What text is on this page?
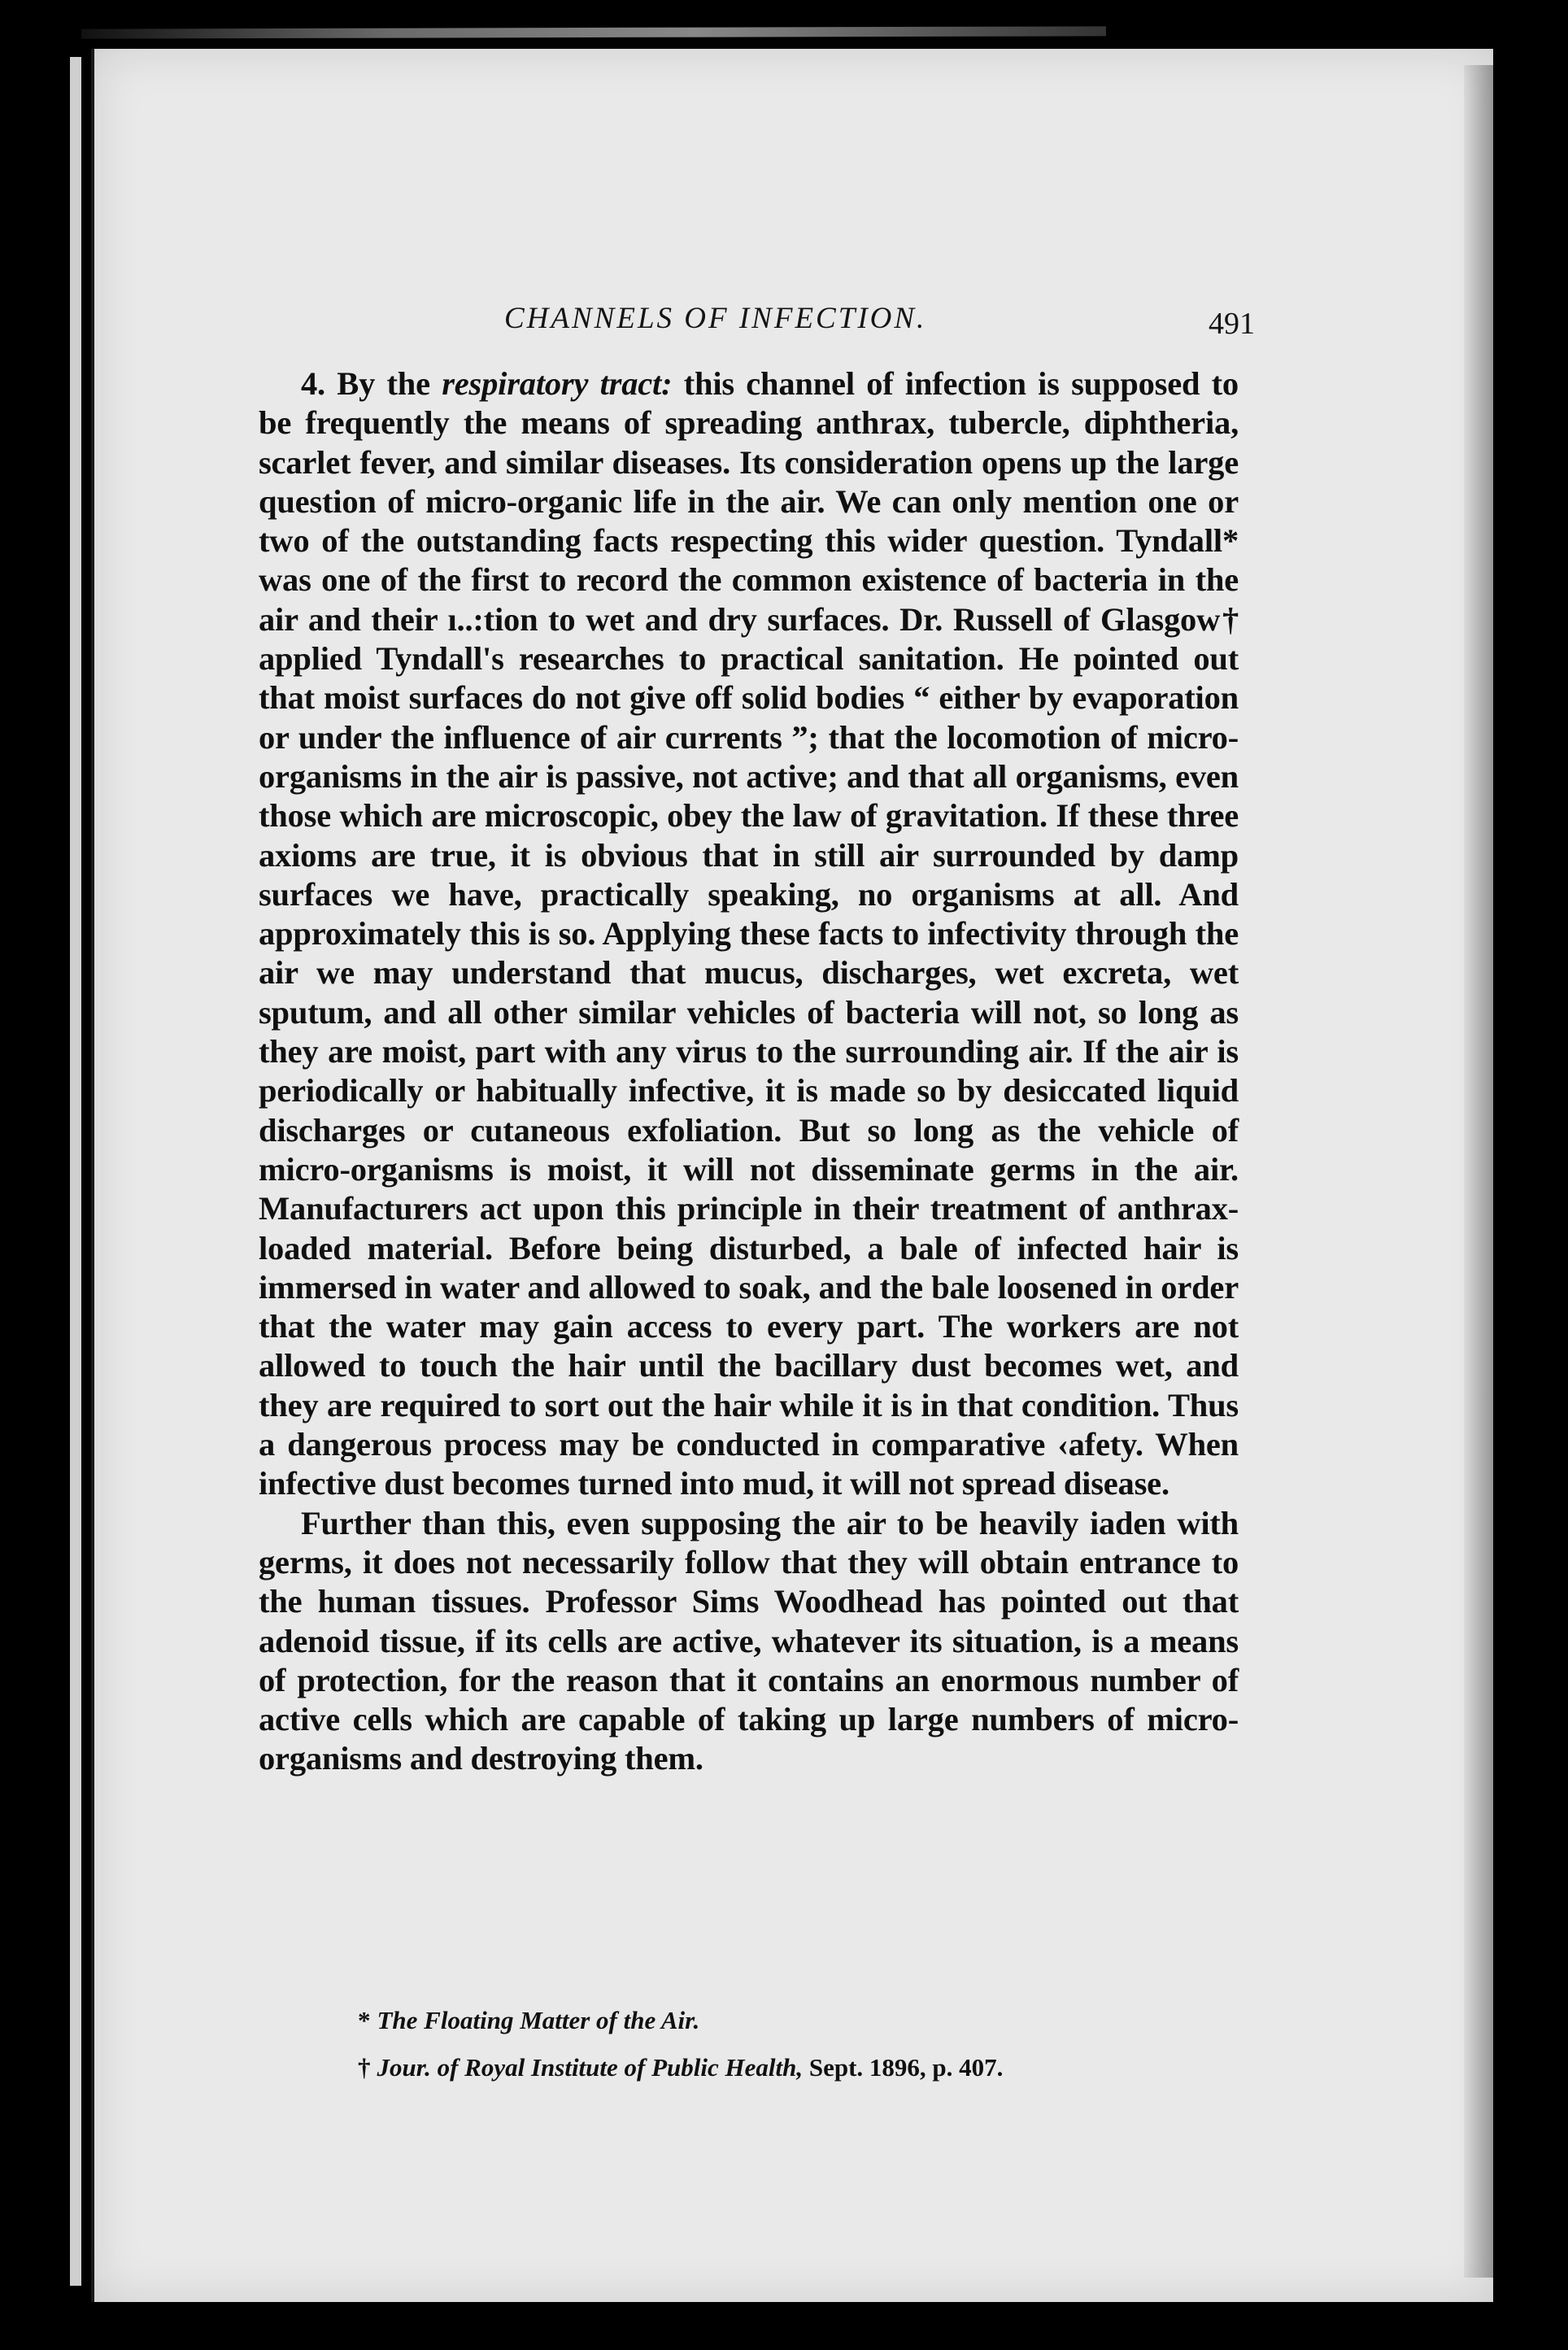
CHANNELS OF INFECTION.	491

4. By the respiratory tract: this channel of infection is supposed to be frequently the means of spreading anthrax, tubercle, diphtheria, scarlet fever, and similar diseases. Its consideration opens up the large question of micro-organic life in the air. We can only mention one or two of the outstanding facts respecting this wider question. Tyndall* was one of the first to record the common existence of bacteria in the air and their ı..:tion to wet and dry surfaces. Dr. Russell of Glasgow† applied Tyndall's researches to practical sanitation. He pointed out that moist surfaces do not give off solid bodies “ either by evaporation or under the influence of air currents ”; that the locomotion of micro-organisms in the air is passive, not active; and that all organisms, even those which are microscopic, obey the law of gravitation. If these three axioms are true, it is obvious that in still air surrounded by damp surfaces we have, practically speaking, no organisms at all. And approximately this is so. Applying these facts to infectivity through the air we may understand that mucus, discharges, wet excreta, wet sputum, and all other similar vehicles of bacteria will not, so long as they are moist, part with any virus to the surrounding air. If the air is periodically or habitually infective, it is made so by desiccated liquid discharges or cutaneous exfoliation. But so long as the vehicle of micro-organisms is moist, it will not disseminate germs in the air. Manufacturers act upon this principle in their treatment of anthrax-loaded material. Before being disturbed, a bale of infected hair is immersed in water and allowed to soak, and the bale loosened in order that the water may gain access to every part. The workers are not allowed to touch the hair until the bacillary dust becomes wet, and they are required to sort out the hair while it is in that condition. Thus a dangerous process may be conducted in comparative ‹afety. When infective dust becomes turned into mud, it will not spread disease.

Further than this, even supposing the air to be heavily iaden with germs, it does not necessarily follow that they will obtain entrance to the human tissues. Professor Sims Woodhead has pointed out that adenoid tissue, if its cells are active, whatever its situation, is a means of protection, for the reason that it contains an enormous number of active cells which are capable of taking up large numbers of micro-organisms and destroying them.

* The Floating Matter of the Air.
† Jour. of Royal Institute of Public Health, Sept. 1896, p. 407.
